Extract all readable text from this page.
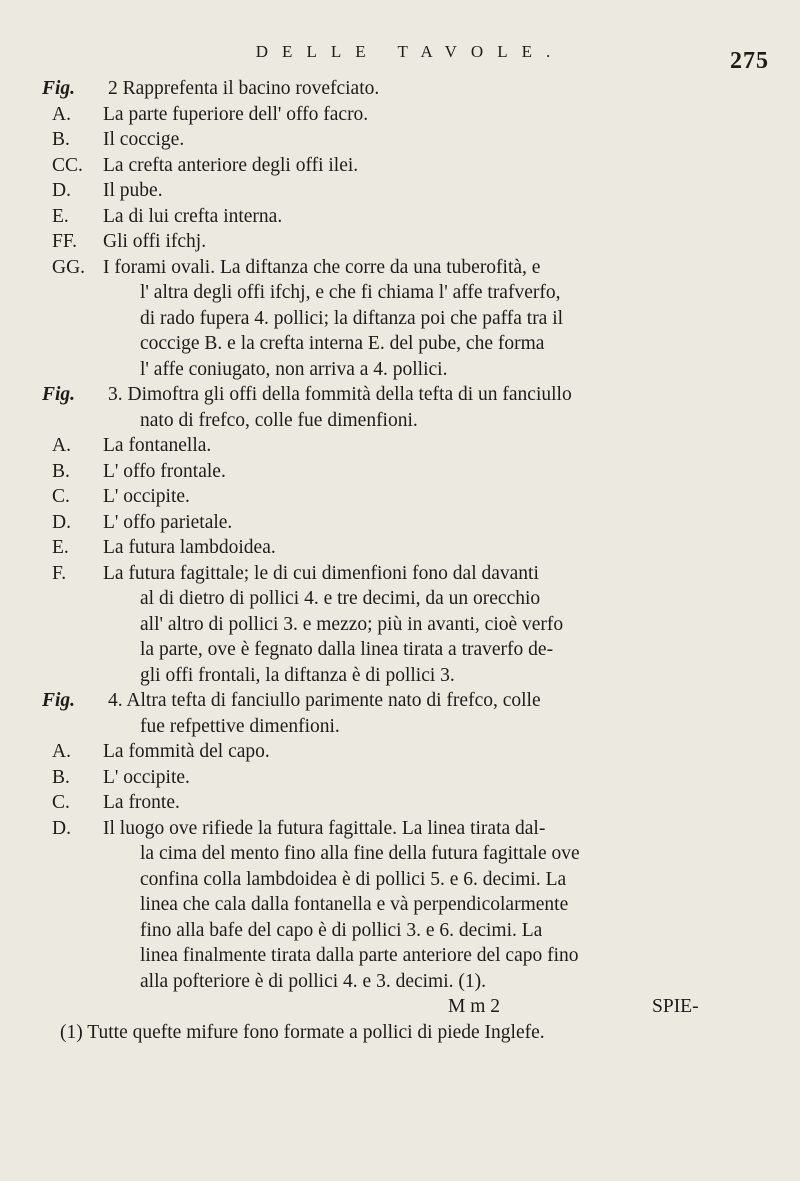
DELLE TAVOLE.	275
Fig. 2 Rapprefenta il bacino rovefciato.
A. La parte fuperiore dell' offo facro.
B. Il coccige.
CC. La crefta anteriore degli offi ilei.
D. Il pube.
E. La di lui crefta interna.
FF. Gli offi ifchj.
GG. I forami ovali. La diftanza che corre da una tuberofità, e
l' altra degli offi ifchj, e che fi chiama l' affe trafverfo,
di rado fupera 4. pollici; la diftanza poi che paffa tra il
coccige B. e la crefta interna E. del pube, che forma
l' affe coniugato, non arriva a 4. pollici.
Fig. 3. Dimoftra gli offi della fommità della tefta di un fanciullo
nato di frefco, colle fue dimenfioni.
A. La fontanella.
B. L' offo frontale.
C. L' occipite.
D. L' offo parietale.
E. La futura lambdoidea.
F. La futura fagittale; le di cui dimenfioni fono dal davanti
al di dietro di pollici 4. e tre decimi, da un orecchio
all' altro di pollici 3. e mezzo; più in avanti, cioè verfo
la parte, ove è fegnato dalla linea tirata a traverfo de-
gli offi frontali, la diftanza è di pollici 3.
Fig. 4. Altra tefta di fanciullo parimente nato di frefco, colle
fue refpettive dimenfioni.
A. La fommità del capo.
B. L' occipite.
C. La fronte.
D. Il luogo ove rifiede la futura fagittale. La linea tirata dal-
la cima del mento fino alla fine della futura fagittale ove
confina colla lambdoidea è di pollici 5. e 6. decimi. La
linea che cala dalla fontanella e và perpendicolarmente
fino alla bafe del capo è di pollici 3. e 6. decimi. La
linea finalmente tirata dalla parte anteriore del capo fino
alla pofteriore è di pollici 4. e 3. decimi. (1).
M m 2	SPIE-
(1) Tutte quefte mifure fono formate a pollici di piede Inglefe.
